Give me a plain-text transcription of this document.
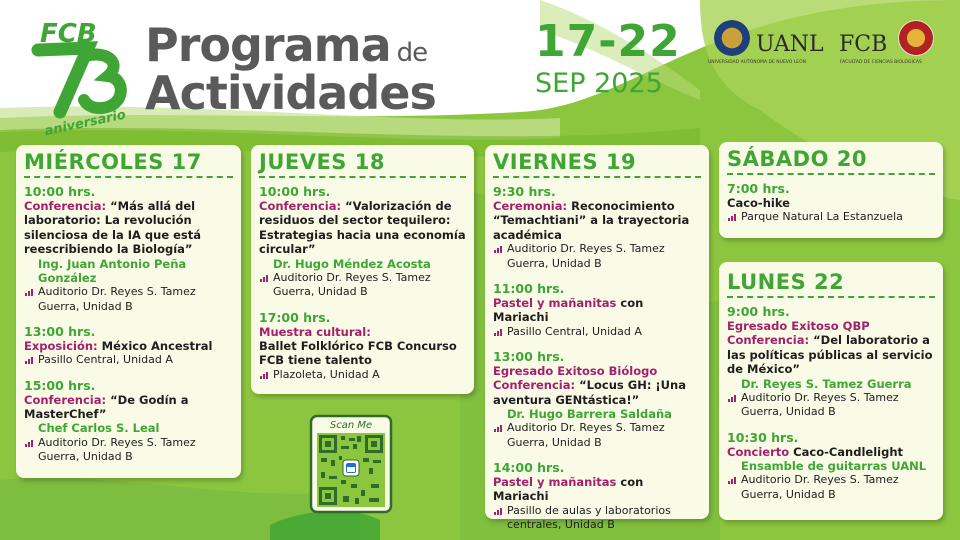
FCB
aniversario
Programa de
Actividades
17-22
SEP 2025
UANL FCB
UNIVERSIDAD AUTÓNOMA DE NUEVO LEÓN	FACULTAD DE CIENCIAS BIOLÓGICAS
MIÉRCOLES 17
10:00 hrs.
Conferencia: “Más allá del laboratorio: La revolución silenciosa de la IA que está reescribiendo la Biología”
Ing. Juan Antonio Peña González
Auditorio Dr. Reyes S. Tamez Guerra, Unidad B
13:00 hrs.
Exposición: México Ancestral
Pasillo Central, Unidad A
15:00 hrs.
Conferencia: “De Godín a MasterChef”
Chef Carlos S. Leal
Auditorio Dr. Reyes S. Tamez Guerra, Unidad B
JUEVES 18
10:00 hrs.
Conferencia: “Valorización de residuos del sector tequilero: Estrategias hacia una economía circular”
Dr. Hugo Méndez Acosta
Auditorio Dr. Reyes S. Tamez Guerra, Unidad B
17:00 hrs.
Muestra cultural:
Ballet Folklórico FCB Concurso FCB tiene talento
Plazoleta, Unidad A
VIERNES 19
9:30 hrs.
Ceremonia: Reconocimiento “Temachtiani” a la trayectoria académica
Auditorio Dr. Reyes S. Tamez Guerra, Unidad B
11:00 hrs.
Pastel y mañanitas con Mariachi
Pasillo Central, Unidad A
13:00 hrs.
Egresado Exitoso Biólogo
Conferencia: “Locus GH: ¡Una aventura GENtástica!”
Dr. Hugo Barrera Saldaña
Auditorio Dr. Reyes S. Tamez Guerra, Unidad B
14:00 hrs.
Pastel y mañanitas con Mariachi
Pasillo de aulas y laboratorios centrales, Unidad B
SÁBADO 20
7:00 hrs.
Caco-hike
Parque Natural La Estanzuela
LUNES 22
9:00 hrs.
Egresado Exitoso QBP
Conferencia: “Del laboratorio a las políticas públicas al servicio de México”
Dr. Reyes S. Tamez Guerra
Auditorio Dr. Reyes S. Tamez Guerra, Unidad B
10:30 hrs.
Concierto Caco-Candlelight
Ensamble de guitarras UANL
Auditorio Dr. Reyes S. Tamez Guerra, Unidad B
Scan Me
